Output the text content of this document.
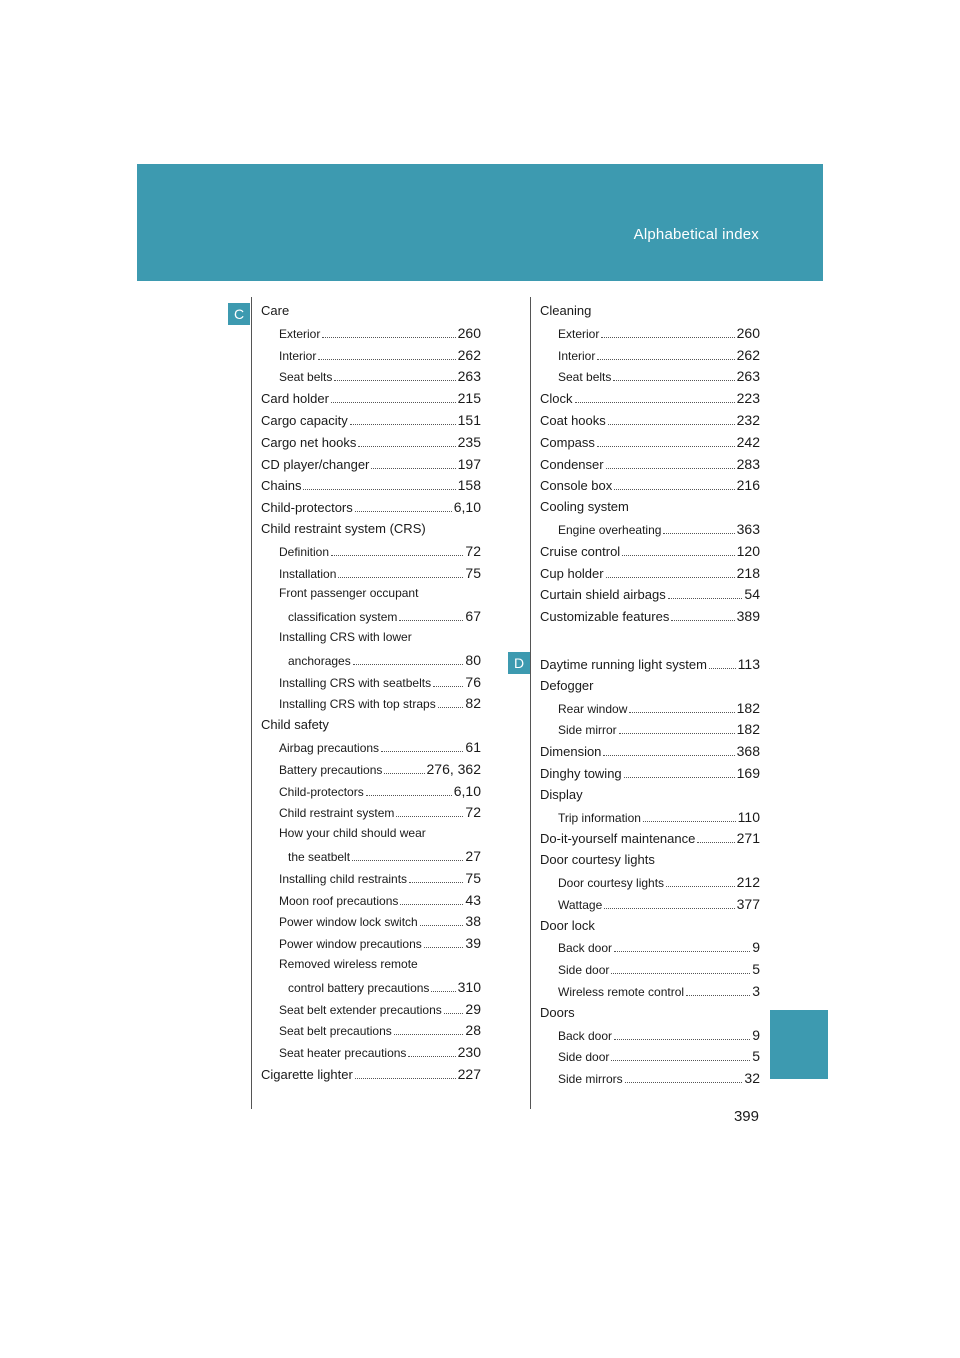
Alphabetical index
C
D
Care
Exterior	260
Interior	262
Seat belts	263
Card holder	215
Cargo capacity	151
Cargo net hooks	235
CD player/changer	197
Chains	158
Child-protectors	6,10
Child restraint system (CRS)
Definition	72
Installation	75
Front passenger occupant
classification system	67
Installing CRS with lower
anchorages	80
Installing CRS with seatbelts 76
Installing CRS with top straps 82
Child safety
Airbag precautions	61
Battery precautions	276, 362
Child-protectors	6,10
Child restraint system	72
How your child should wear
the seatbelt	27
Installing child restraints	75
Moon roof precautions	43
Power window lock switch	38
Power window precautions	39
Removed wireless remote
control battery precautions 310
Seat belt extender precautions 29
Seat belt precautions	28
Seat heater precautions	230
Cigarette lighter	227
Cleaning
Exterior	260
Interior	262
Seat belts	263
Clock	223
Coat hooks	232
Compass	242
Condenser	283
Console box	216
Cooling system
Engine overheating	363
Cruise control	120
Cup holder	218
Curtain shield airbags	54
Customizable features	389
Daytime running light system 113
Defogger
Rear window	182
Side mirror	182
Dimension	368
Dinghy towing	169
Display
Trip information	110
Do-it-yourself maintenance	271
Door courtesy lights
Door courtesy lights	212
Wattage	377
Door lock
Back door	9
Side door	5
Wireless remote control	3
Doors
Back door	9
Side door	5
Side mirrors	32
399
